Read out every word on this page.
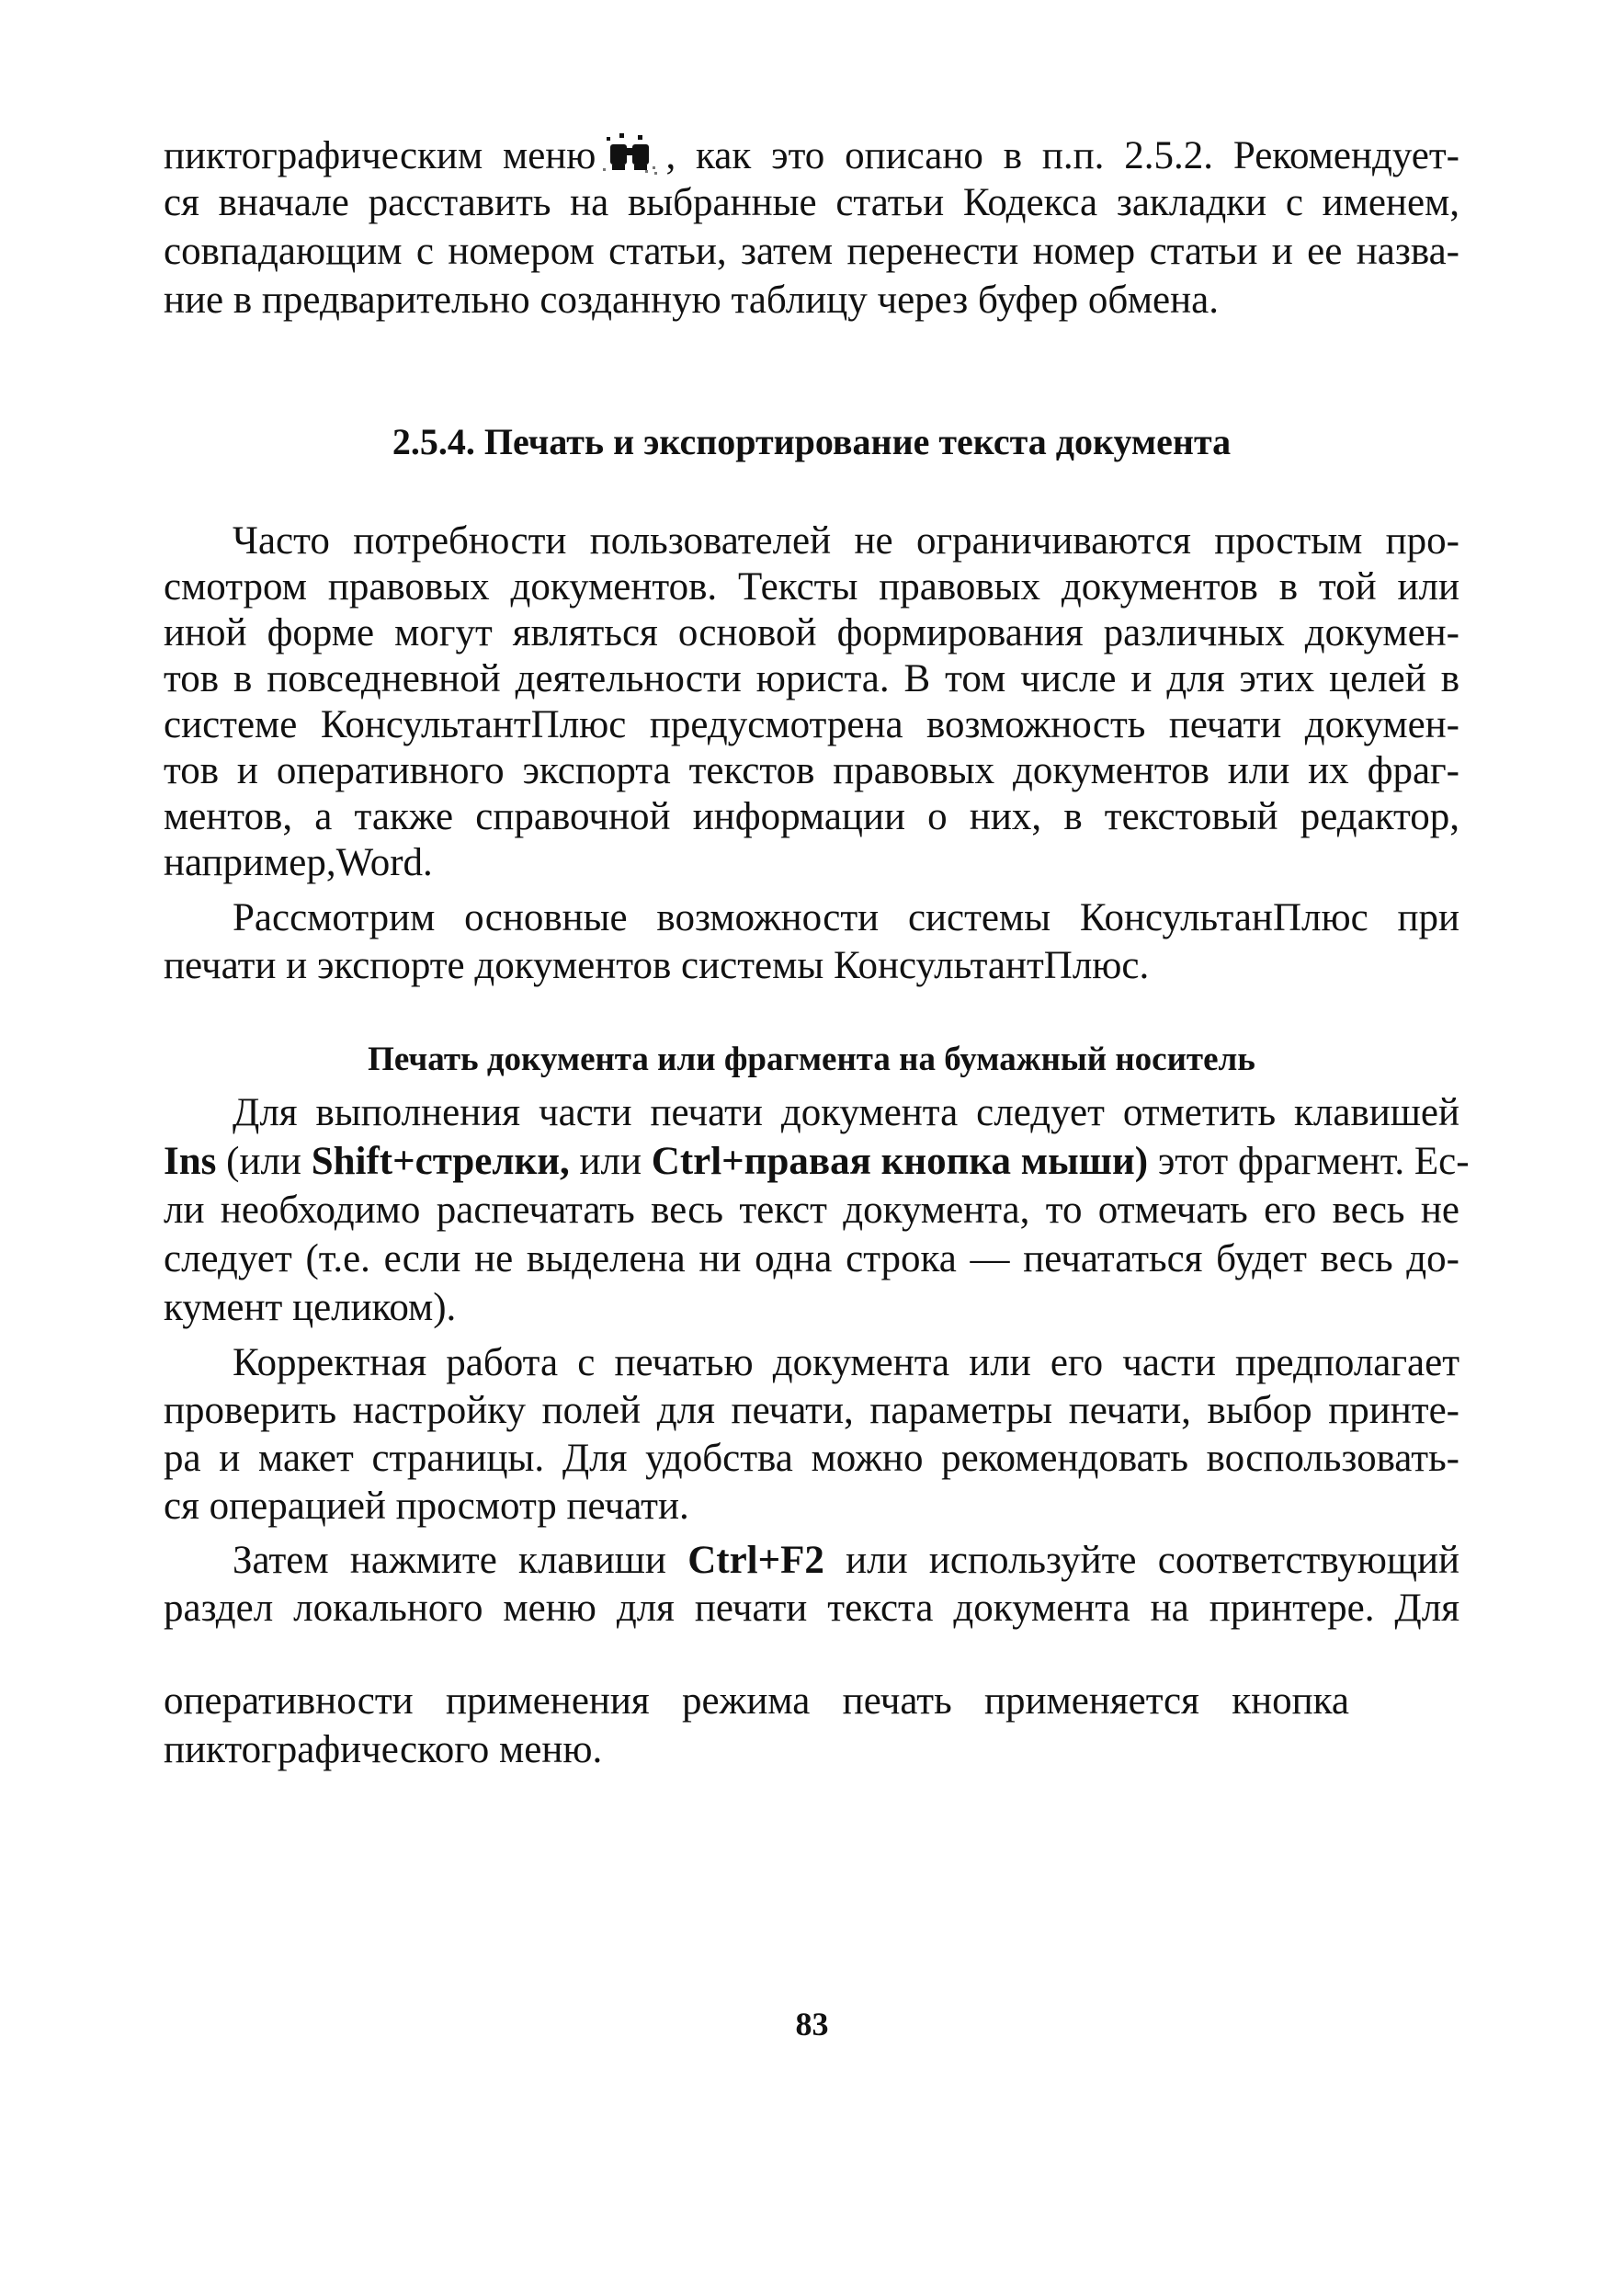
пиктографическим меню , как это описано в п.п. 2.5.2. Рекомендует-
ся вначале расставить на выбранные статьи Кодекса закладки с именем,
совпадающим с номером статьи, затем перенести номер статьи и ее назва-
ние в предварительно созданную таблицу через буфер обмена.
2.5.4. Печать и экспортирование текста документа
Часто потребности пользователей не ограничиваются простым про-
смотром правовых документов. Тексты правовых документов в той или
иной форме могут являться основой формирования различных докумен-
тов в повседневной деятельности юриста. В том числе и для этих целей в
системе КонсультантПлюс предусмотрена возможность печати докумен-
тов и оперативного экспорта текстов правовых документов или их фраг-
ментов, а также справочной информации о них, в текстовый редактор,
например,Word.
Рассмотрим основные возможности системы КонсультанПлюс при
печати и экспорте документов системы КонсультантПлюс.
Печать документа или фрагмента на бумажный носитель
Для выполнения части печати документа следует отметить клавишей
Ins (или Shift+стрелки, или Ctrl+правая кнопка мыши) этот фрагмент. Ес-
ли необходимо распечатать весь текст документа, то отмечать его весь не
следует (т.е. если не выделена ни одна строка — печататься будет весь до-
кумент целиком).
Корректная работа с печатью документа или его части предполагает
проверить настройку полей для печати, параметры печати, выбор принте-
ра и макет страницы. Для удобства можно рекомендовать воспользовать-
ся операцией просмотр печати.
Затем нажмите клавиши Ctrl+F2 или используйте соответствующий
раздел локального меню для печати текста документа на принтере. Для
оперативности применения режима печать применяется кнопка
пиктографического меню.
83
